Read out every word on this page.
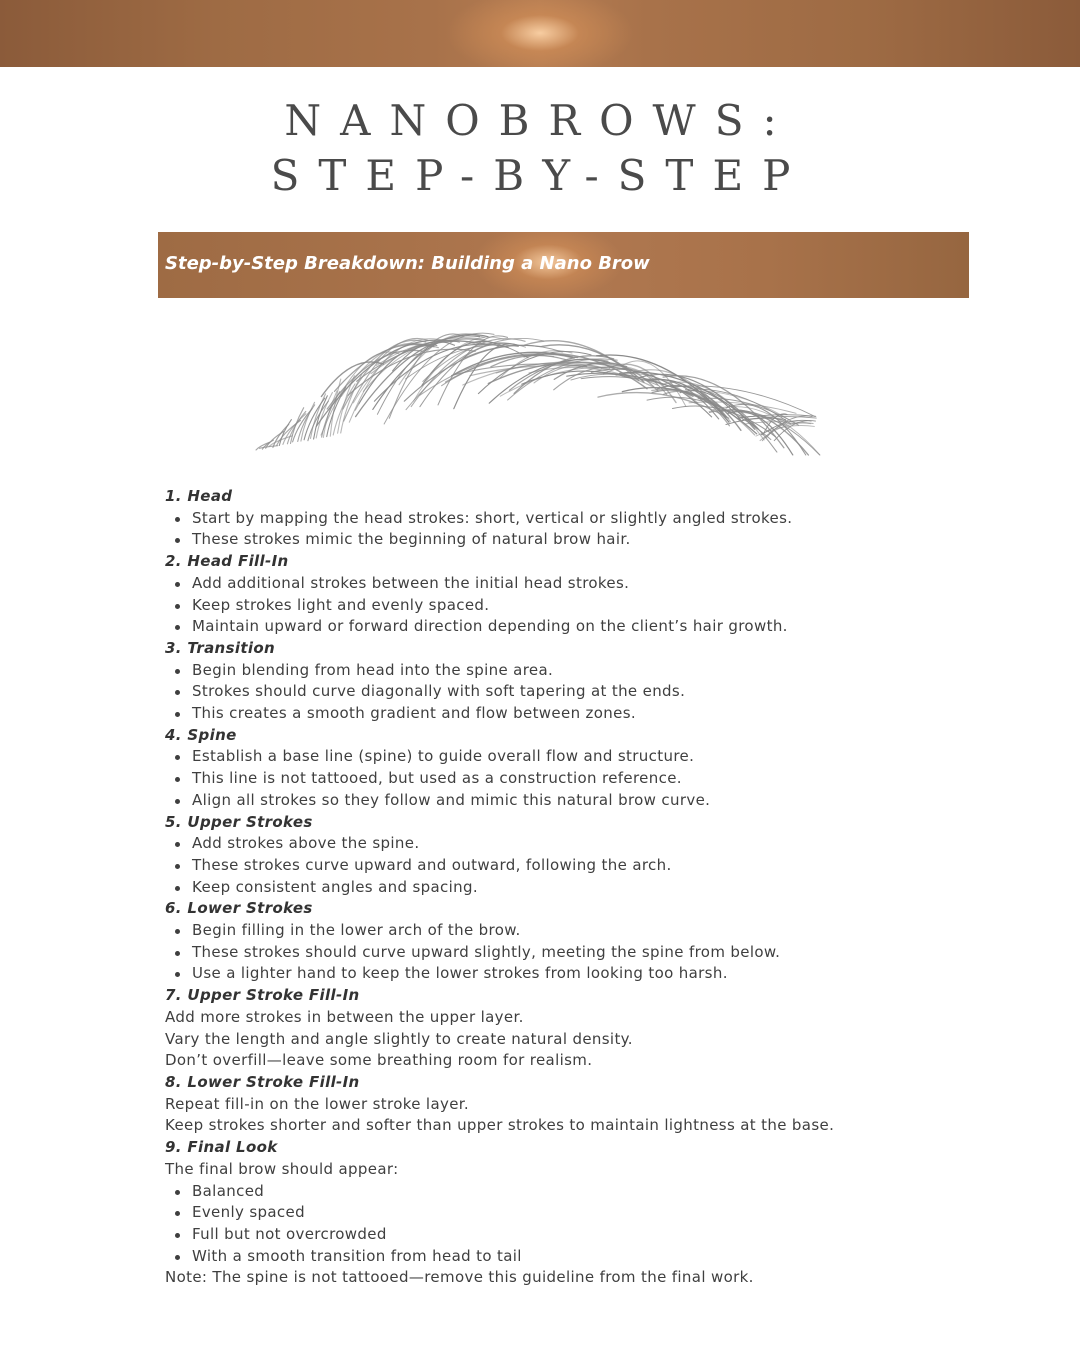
NANOBROWS:
STEP-BY-STEP
Step-by-Step Breakdown: Building a Nano Brow
1. Head
Start by mapping the head strokes: short, vertical or slightly angled strokes.
These strokes mimic the beginning of natural brow hair.
2. Head Fill-In
Add additional strokes between the initial head strokes.
Keep strokes light and evenly spaced.
Maintain upward or forward direction depending on the client’s hair growth.
3. Transition
Begin blending from head into the spine area.
Strokes should curve diagonally with soft tapering at the ends.
This creates a smooth gradient and flow between zones.
4. Spine
Establish a base line (spine) to guide overall flow and structure.
This line is not tattooed, but used as a construction reference.
Align all strokes so they follow and mimic this natural brow curve.
5. Upper Strokes
Add strokes above the spine.
These strokes curve upward and outward, following the arch.
Keep consistent angles and spacing.
6. Lower Strokes
Begin filling in the lower arch of the brow.
These strokes should curve upward slightly, meeting the spine from below.
Use a lighter hand to keep the lower strokes from looking too harsh.
7. Upper Stroke Fill-In

Add more strokes in between the upper layer.

Vary the length and angle slightly to create natural density.

Don’t overfill—leave some breathing room for realism.

8. Lower Stroke Fill-In

Repeat fill-in on the lower stroke layer.

Keep strokes shorter and softer than upper strokes to maintain lightness at the base.

9. Final Look

The final brow should appear:

Balanced
Evenly spaced
Full but not overcrowded
With a smooth transition from head to tail

Note: The spine is not tattooed—remove this guideline from the final work.
